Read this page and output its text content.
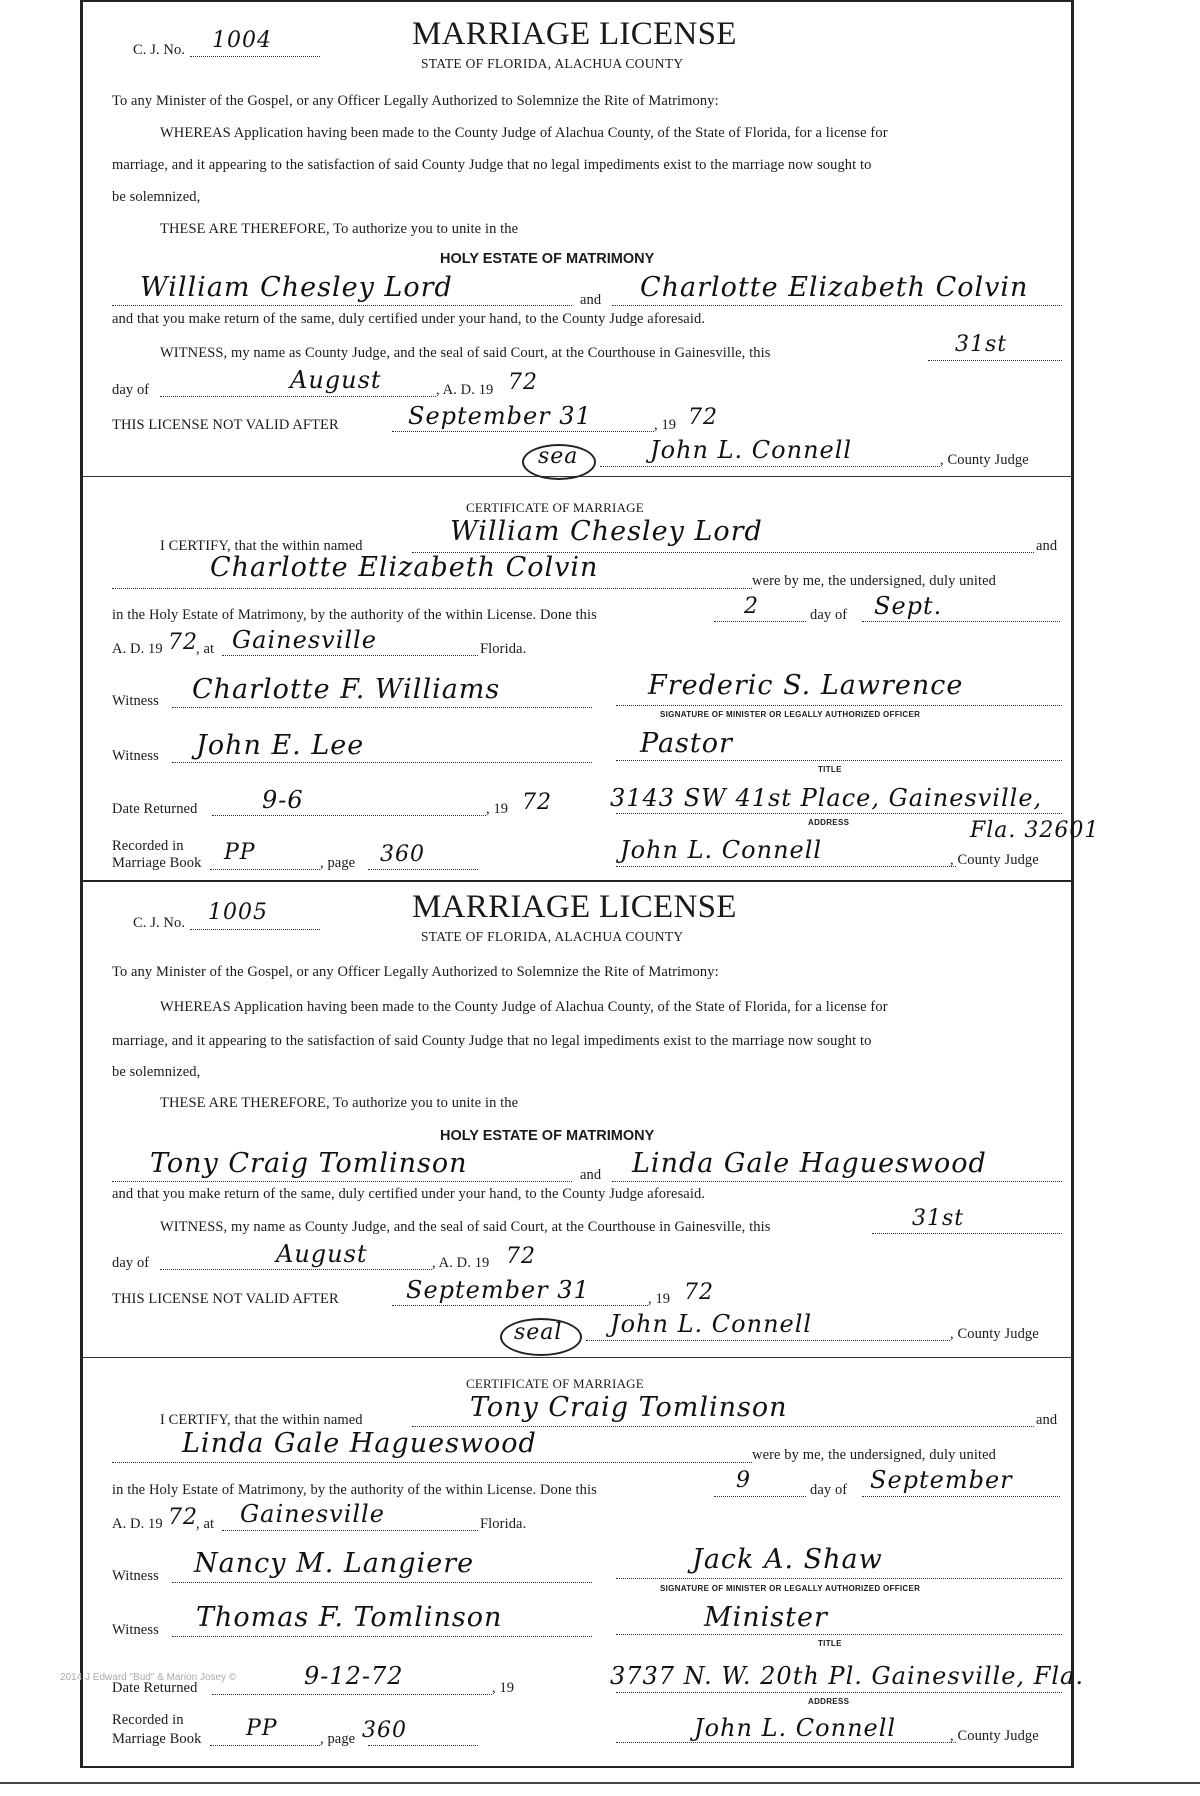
C. J. No. 1004	MARRIAGE LICENSE
STATE OF FLORIDA, ALACHUA COUNTY
To any Minister of the Gospel, or any Officer Legally Authorized to Solemnize the Rite of Matrimony:
WHEREAS Application having been made to the County Judge of Alachua County, of the State of Florida, for a license for
marriage, and it appearing to the satisfaction of said County Judge that no legal impediments exist to the marriage now sought to
be solemnized,
THESE ARE THEREFORE, To authorize you to unite in the
HOLY ESTATE OF MATRIMONY
William Chesley Lord	and Charlotte Elizabeth Colvin
and that you make return of the same, duly certified under your hand, to the County Judge aforesaid.
WITNESS, my name as County Judge, and the seal of said Court, at the Courthouse in Gainesville, this	31st
day of	August	, A. D. 19 72
THIS LICENSE NOT VALID AFTER	September 31	, 19 72
sea	John L. Connell	, County Judge
CERTIFICATE OF MARRIAGE
I CERTIFY, that the within named	William Chesley Lord	and
Charlotte Elizabeth Colvin	were by me, the undersigned, duly united
in the Holy Estate of Matrimony, by the authority of the within License. Done this	2	day of Sept.
A. D. 19 72
, at Gainesville	Florida.
Witness Charlotte F. Williams	Frederic S. Lawrence
SIGNATURE OF MINISTER OR LEGALLY AUTHORIZED OFFICER
Witness John E. Lee	Pastor
TITLE
Date Returned	9-6	, 19 72 3143 SW 41st Place, Gainesville,
ADDRESS	Fla. 32601
Recorded in
Marriage Book PP	, page 360	John L. Connell	, County Judge
C. J. No. 1005	MARRIAGE LICENSE
STATE OF FLORIDA, ALACHUA COUNTY
To any Minister of the Gospel, or any Officer Legally Authorized to Solemnize the Rite of Matrimony:
WHEREAS Application having been made to the County Judge of Alachua County, of the State of Florida, for a license for
marriage, and it appearing to the satisfaction of said County Judge that no legal impediments exist to the marriage now sought to
be solemnized,
THESE ARE THEREFORE, To authorize you to unite in the
HOLY ESTATE OF MATRIMONY
Tony Craig Tomlinson	and Linda Gale Hagueswood
and that you make return of the same, duly certified under your hand, to the County Judge aforesaid.
WITNESS, my name as County Judge, and the seal of said Court, at the Courthouse in Gainesville, this	31st
day of	August	, A. D. 19 72
THIS LICENSE NOT VALID AFTER	September 31	, 19 72
seal John L. Connell	, County Judge
CERTIFICATE OF MARRIAGE
I CERTIFY, that the within named	Tony Craig Tomlinson	and
Linda Gale Hagueswood	were by me, the undersigned, duly united
in the Holy Estate of Matrimony, by the authority of the within License. Done this	9	day of September
A. D. 19 72
, at Gainesville	Florida.
Witness Nancy M. Langiere	Jack A. Shaw
SIGNATURE OF MINISTER OR LEGALLY AUTHORIZED OFFICER
Witness Thomas F. Tomlinson	Minister
TITLE
Date Returned	9-12-72	, 19	3737 N. W. 20th Pl. Gainesville, Fla.
ADDRESS
Recorded in
Marriage Book PP	, page 360	John L. Connell	, County Judge
2014 J Edward "Bud" & Marion Josey ©
